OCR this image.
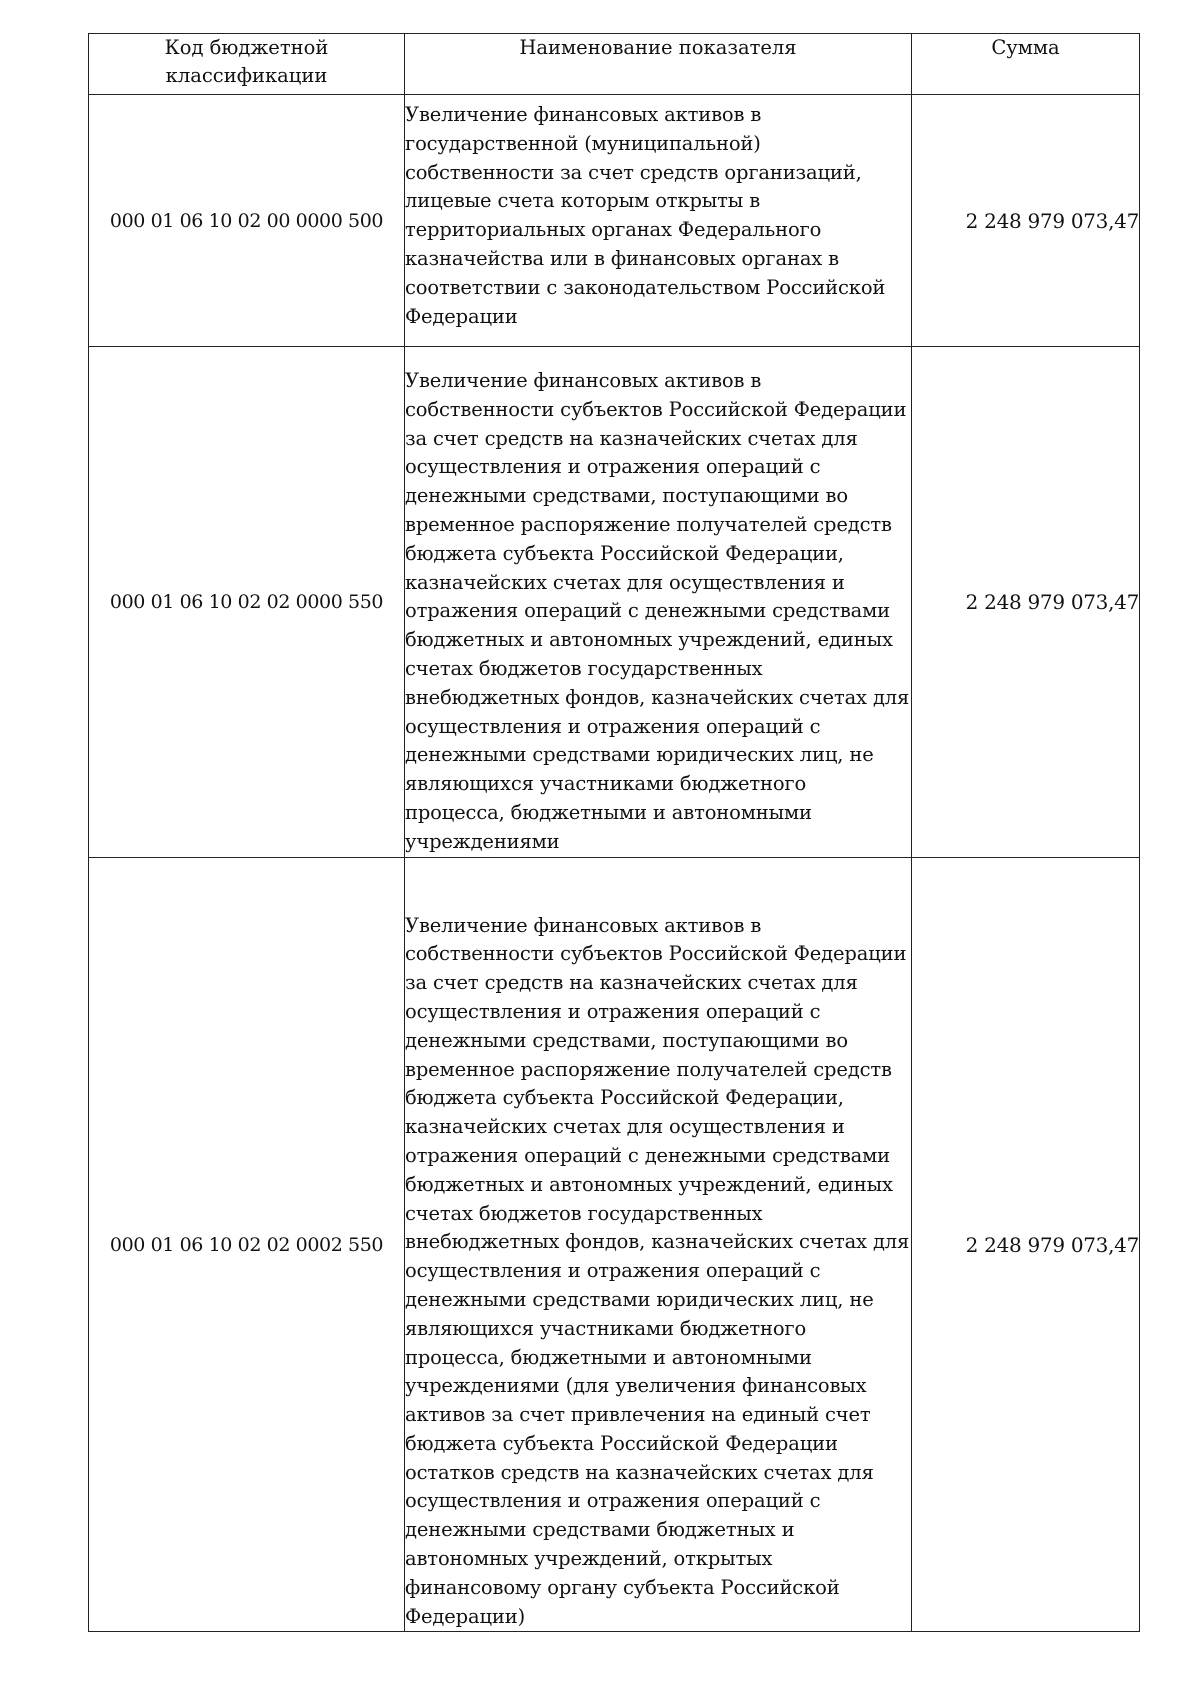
Код бюджетной классификации	Наименование показателя	Сумма
000 01 06 10 02 00 0000 500	Увеличение финансовых активов в государственной (муниципальной) собственности за счет средств организаций, лицевые счета которым открыты в территориальных органах Федерального казначейства или в финансовых органах в соответствии с законодательством Российской Федерации	2 248 979 073,47
000 01 06 10 02 02 0000 550	Увеличение финансовых активов в собственности субъектов Российской Федерации за счет средств на казначейских счетах для осуществления и отражения операций с денежными средствами, поступающими во временное распоряжение получателей средств бюджета субъекта Российской Федерации, казначейских счетах для осуществления и отражения операций с денежными средствами бюджетных и автономных учреждений, единых счетах бюджетов государственных внебюджетных фондов, казначейских счетах для осуществления и отражения операций с денежными средствами юридических лиц, не являющихся участниками бюджетного процесса, бюджетными и автономными учреждениями	2 248 979 073,47
000 01 06 10 02 02 0002 550	Увеличение финансовых активов в собственности субъектов Российской Федерации за счет средств на казначейских счетах для осуществления и отражения операций с денежными средствами, поступающими во временное распоряжение получателей средств бюджета субъекта Российской Федерации, казначейских счетах для осуществления и отражения операций с денежными средствами бюджетных и автономных учреждений, единых счетах бюджетов государственных внебюджетных фондов, казначейских счетах для осуществления и отражения операций с денежными средствами юридических лиц, не являющихся участниками бюджетного процесса, бюджетными и автономными учреждениями (для увеличения финансовых активов за счет привлечения на единый счет бюджета субъекта Российской Федерации остатков средств на казначейских счетах для осуществления и отражения операций с денежными средствами бюджетных и автономных учреждений, открытых финансовому органу субъекта Российской Федерации)	2 248 979 073,47
